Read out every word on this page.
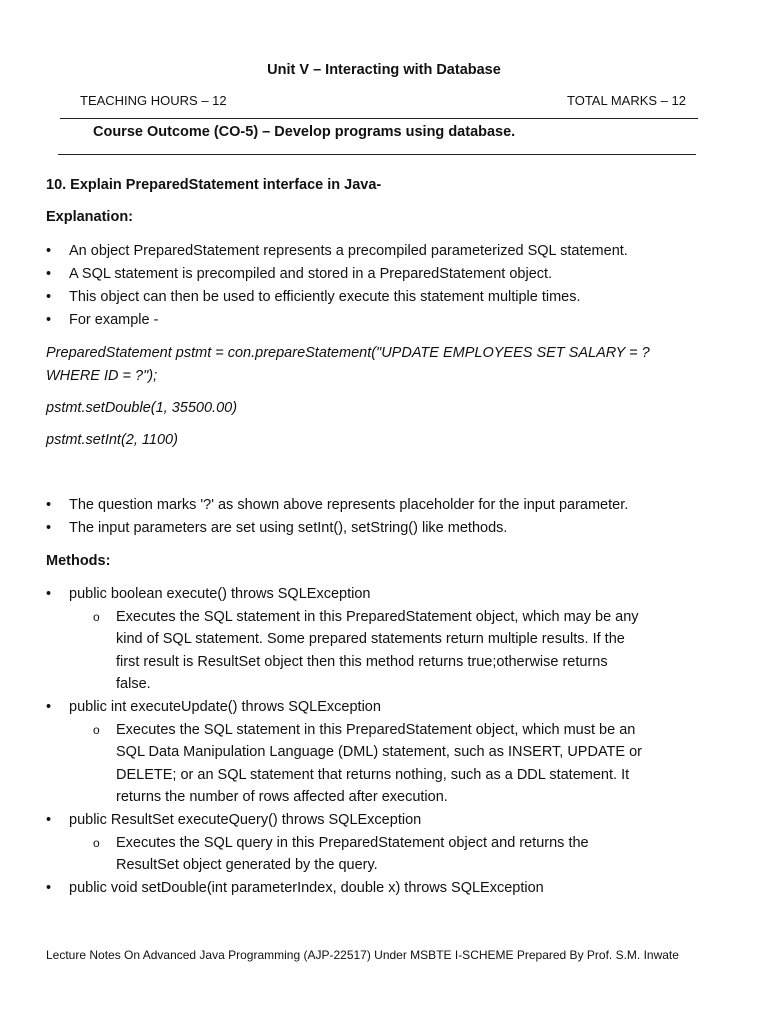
Unit V – Interacting with Database
TEACHING HOURS – 12	TOTAL MARKS – 12
Course Outcome (CO-5) – Develop programs using database.
10. Explain PreparedStatement interface in Java-
Explanation:
• An object PreparedStatement represents a precompiled parameterized SQL statement.
• A SQL statement is precompiled and stored in a PreparedStatement object.
• This object can then be used to efficiently execute this statement multiple times.
• For example -
PreparedStatement pstmt = con.prepareStatement("UPDATE EMPLOYEES SET SALARY = ?
WHERE ID = ?");
pstmt.setDouble(1, 35500.00)
pstmt.setInt(2, 1100)
• The question marks '?' as shown above represents placeholder for the input parameter.
• The input parameters are set using setInt(), setString() like methods.
Methods:
• public boolean execute() throws SQLException
o Executes the SQL statement in this PreparedStatement object, which may be any
kind of SQL statement. Some prepared statements return multiple results. If the
first result is ResultSet object then this method returns true;otherwise returns
false.
• public int executeUpdate() throws SQLException
o Executes the SQL statement in this PreparedStatement object, which must be an
SQL Data Manipulation Language (DML) statement, such as INSERT, UPDATE or
DELETE; or an SQL statement that returns nothing, such as a DDL statement. It
returns the number of rows affected after execution.
• public ResultSet executeQuery() throws SQLException
o Executes the SQL query in this PreparedStatement object and returns the
ResultSet object generated by the query.
• public void setDouble(int parameterIndex, double x) throws SQLException
Lecture Notes On Advanced Java Programming (AJP-22517) Under MSBTE I-SCHEME Prepared By Prof. S.M. Inwate
